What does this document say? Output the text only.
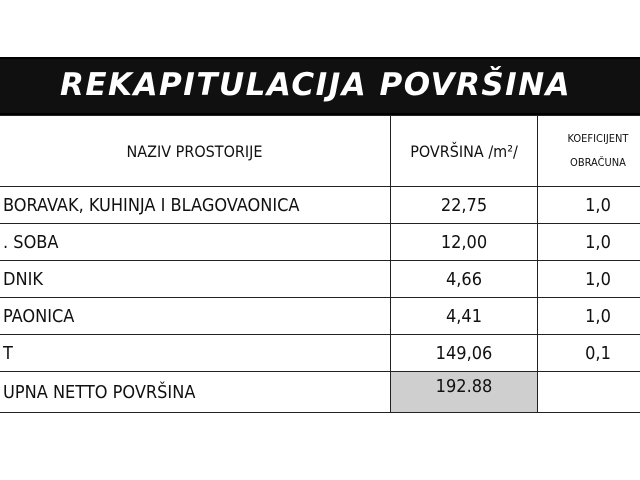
REKAPITULACIJA POVRŠINA
NAZIV PROSTORIJE	POVRŠINA /m²/	KOEFICIJENT
OBRAČUNA

BORAVAK, KUHINJA I BLAGOVAONICA	22,75	1,0
. SOBA	12,00	1,0
DNIK	4,66	1,0
PAONICA	4,41	1,0
T	149,06	0,1
UPNA NETTO POVRŠINA	192.88	
